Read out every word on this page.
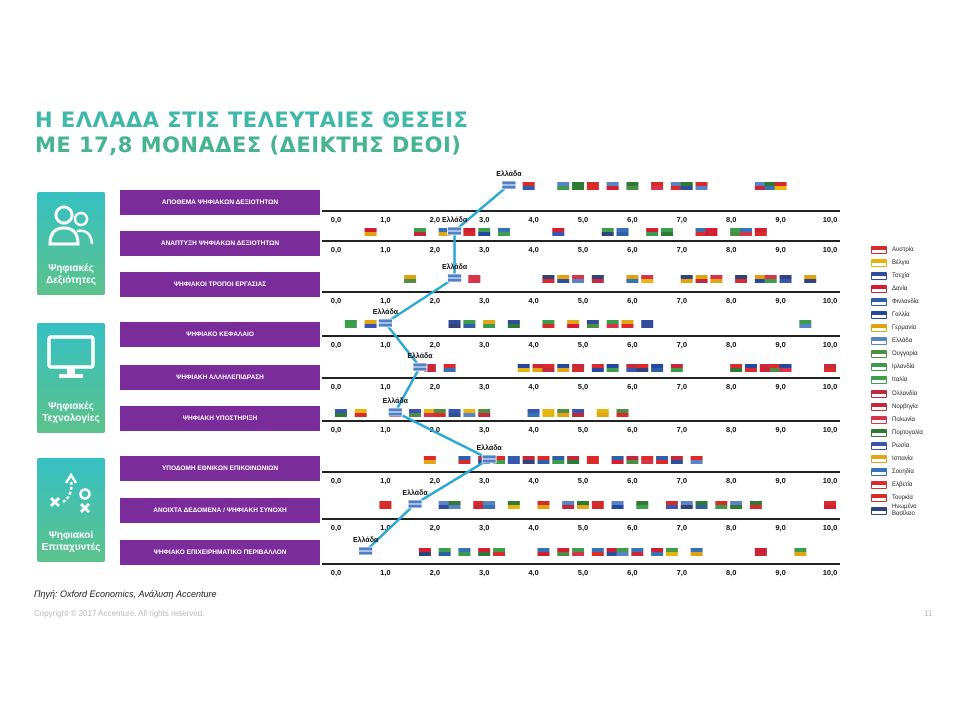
Η ΕΛΛΑΔΑ ΣΤΙΣ ΤΕΛΕΥΤΑΙΕΣ ΘΕΣΕΙΣ
ΜΕ 17,8 ΜΟΝΑΔΕΣ (ΔΕΙΚΤΗΣ DEOI)
Ψηφιακές
Δεξιότητες
Ψηφιακές
Τεχνολογίες
Ψηφιακοί
Επιταχυντές
ΑΠΟΘΕΜΑ ΨΗΦΙΑΚΩΝ ΔΕΞΙΟΤΗΤΩΝ
ΑΝΑΠΤΥΞΗ ΨΗΦΙΑΚΩΝ ΔΕΞΙΟΤΗΤΩΝ
ΨΗΦΙΑΚΟΙ ΤΡΟΠΟΙ ΕΡΓΑΣΙΑΣ
ΨΗΦΙΑΚΟ ΚΕΦΑΛΑΙΟ
ΨΗΦΙΑΚΗ ΑΛΛΗΛΕΠΙΔΡΑΣΗ
ΨΗΦΙΑΚΗ ΥΠΟΣΤΗΡΙΞΗ
ΥΠΟΔΟΜΗ ΕΘΝΙΚΩΝ ΕΠΙΚΟΙΝΩΝΙΩΝ
ΑΝΟΙΧΤΑ ΔΕΔΟΜΕΝΑ / ΨΗΦΙΑΚΗ ΣΥΝΟΧΗ
ΨΗΦΙΑΚΟ ΕΠΙΧΕΙΡΗΜΑΤΙΚΟ ΠΕΡΙΒΑΛΛΟΝ
0,0	1,0	2,0	3,0	4,0	5,0	6,0	7,0	8,0	9,0	10,0
0,0	1,0	2,0	3,0	4,0	5,0	6,0	7,0	8,0	9,0	10,0
0,0	1,0	2,0	3,0	4,0	5,0	6,0	7,0	8,0	9,0	10,0
0,0	1,0	2,0	3,0	4,0	5,0	6,0	7,0	8,0	9,0	10,0
0,0	1,0	2,0	3,0	4,0	5,0	6,0	7,0	8,0	9,0	10,0
0,0	1,0	2,0	3,0	4,0	5,0	6,0	7,0	8,0	9,0	10,0
0,0	1,0	2,0	3,0	4,0	5,0	6,0	7,0	8,0	9,0	10,0
0,0	1,0	2,0	3,0	4,0	5,0	6,0	7,0	8,0	9,0	10,0
0,0	1,0	2,0	3,0	4,0	5,0	6,0	7,0	8,0	9,0	10,0
Ελλάδα
Ελλάδα
Ελλάδα
Ελλάδα
Ελλάδα
Ελλάδα
Ελλάδα
Ελλάδα
Ελλάδα
Αυστρία
Βέλγιο
Τσεχία
Δανία
Φινλανδία
Γαλλία
Γερμανία
Ελλάδα
Ουγγαρία
Ιρλανδία
Ιταλία
Ολλανδία
Νορβηγία
Πολωνία
Πορτογαλία
Ρωσία
Ισπανία
Σουηδία
Ελβετία
Τουρκία
Ηνωμένο Βασίλειο
Πηγή: Oxford Economics, Ανάλυση Accenture
Copyright © 2017 Accenture. All rights reserved.	11
